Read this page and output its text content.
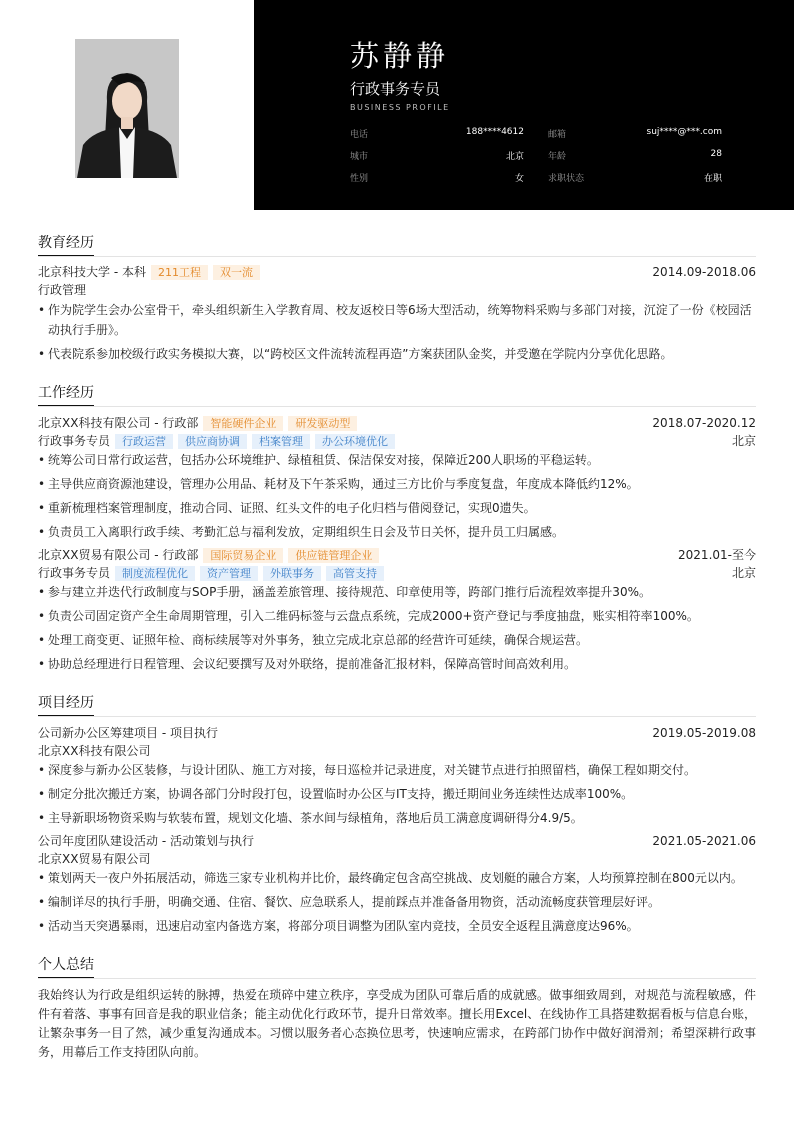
苏静静
行政事务专员
BUSINESS PROFILE
电话	188****4612	邮箱	suj****@***.com
城市	北京	年龄	28
性别	女	求职状态	在职
教育经历
北京科技大学 - 本科 211工程 双一流	2014.09-2018.06
行政管理
• 作为院学生会办公室骨干，牵头组织新生入学教育周、校友返校日等6场大型活动，统筹物料采购与多部门对接，沉淀了一份《校园活
动执行手册》。
• 代表院系参加校级行政实务模拟大赛，以“跨校区文件流转流程再造”方案获团队金奖，并受邀在学院内分享优化思路。
工作经历
北京XX科技有限公司 - 行政部 智能硬件企业 研发驱动型	2018.07-2020.12
行政事务专员 行政运营 供应商协调 档案管理 办公环境优化	北京
• 统筹公司日常行政运营，包括办公环境维护、绿植租赁、保洁保安对接，保障近200人职场的平稳运转。
• 主导供应商资源池建设，管理办公用品、耗材及下午茶采购，通过三方比价与季度复盘，年度成本降低约12%。
• 重新梳理档案管理制度，推动合同、证照、红头文件的电子化归档与借阅登记，实现0遗失。
• 负责员工入离职行政手续、考勤汇总与福利发放，定期组织生日会及节日关怀，提升员工归属感。
北京XX贸易有限公司 - 行政部 国际贸易企业 供应链管理企业	2021.01-至今
行政事务专员 制度流程优化 资产管理 外联事务 高管支持	北京
• 参与建立并迭代行政制度与SOP手册，涵盖差旅管理、接待规范、印章使用等，跨部门推行后流程效率提升30%。
• 负责公司固定资产全生命周期管理，引入二维码标签与云盘点系统，完成2000+资产登记与季度抽盘，账实相符率100%。
• 处理工商变更、证照年检、商标续展等对外事务，独立完成北京总部的经营许可延续，确保合规运营。
• 协助总经理进行日程管理、会议纪要撰写及对外联络，提前准备汇报材料，保障高管时间高效利用。
项目经历
公司新办公区筹建项目 - 项目执行	2019.05-2019.08
北京XX科技有限公司
• 深度参与新办公区装修，与设计团队、施工方对接，每日巡检并记录进度，对关键节点进行拍照留档，确保工程如期交付。
• 制定分批次搬迁方案，协调各部门分时段打包，设置临时办公区与IT支持，搬迁期间业务连续性达成率100%。
• 主导新职场物资采购与软装布置，规划文化墙、茶水间与绿植角，落地后员工满意度调研得分4.9/5。
公司年度团队建设活动 - 活动策划与执行	2021.05-2021.06
北京XX贸易有限公司
• 策划两天一夜户外拓展活动，筛选三家专业机构并比价，最终确定包含高空挑战、皮划艇的融合方案，人均预算控制在800元以内。
• 编制详尽的执行手册，明确交通、住宿、餐饮、应急联系人，提前踩点并准备备用物资，活动流畅度获管理层好评。
• 活动当天突遇暴雨，迅速启动室内备选方案，将部分项目调整为团队室内竞技，全员安全返程且满意度达96%。
个人总结
我始终认为行政是组织运转的脉搏，热爱在琐碎中建立秩序，享受成为团队可靠后盾的成就感。做事细致周到，对规范与流程敏感，件件有着落、事事有回音是我的职业信条；能主动优化行政环节，提升日常效率。擅长用Excel、在线协作工具搭建数据看板与信息台账，让繁杂事务一目了然，减少重复沟通成本。习惯以服务者心态换位思考，快速响应需求，在跨部门协作中做好润滑剂；希望深耕行政事务，用幕后工作支持团队向前。
